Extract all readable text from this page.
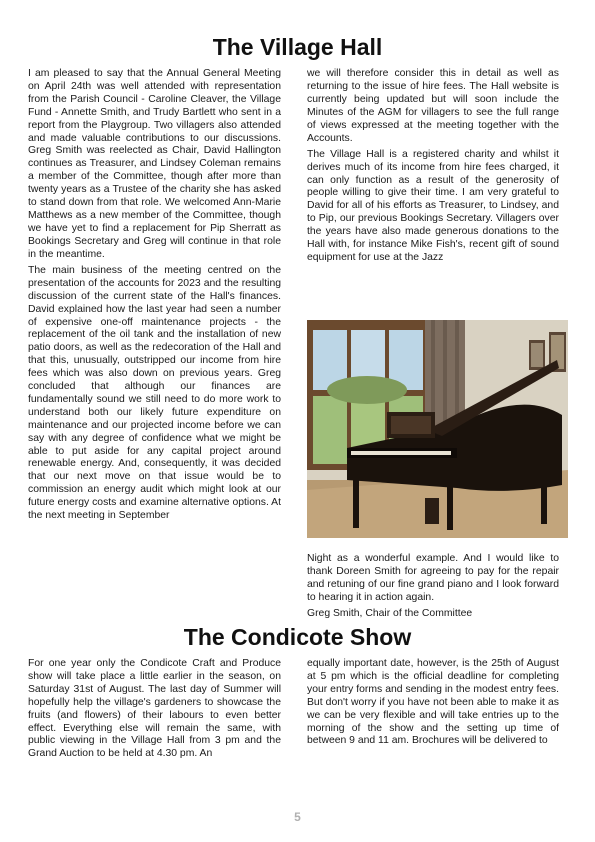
The Village Hall

I am pleased to say that the Annual General Meeting on April 24th was well attended with representation from the Parish Council - Caroline Cleaver, the Village Fund - Annette Smith, and Trudy Bartlett who sent in a report from the Playgroup. Two villagers also attended and made valuable contributions to our discussions. Greg Smith was reelected as Chair, David Hallington continues as Treasurer, and Lindsey Coleman remains a member of the Committee, though after more than twenty years as a Trustee of the charity she has asked to stand down from that role. We welcomed Ann-Marie Matthews as a new member of the Committee, though we have yet to find a replacement for Pip Sherratt as Bookings Secretary and Greg will continue in that role in the meantime.

The main business of the meeting centred on the presentation of the accounts for 2023 and the resulting discussion of the current state of the Hall's finances. David explained how the last year had seen a number of expensive one-off maintenance projects - the replacement of the oil tank and the installation of new patio doors, as well as the redecoration of the Hall and that this, unusually, outstripped our income from hire fees which was also down on previous years. Greg concluded that although our finances are fundamentally sound we still need to do more work to understand both our likely future expenditure on maintenance and our projected income before we can say with any degree of confidence what we might be able to put aside for any capital project around renewable energy. And, consequently, it was decided that our next move on that issue would be to commission an energy audit which might look at our future energy costs and examine alternative options. At the next meeting in September

we will therefore consider this in detail as well as returning to the issue of hire fees. The Hall website is currently being updated but will soon include the Minutes of the AGM for villagers to see the full range of views expressed at the meeting together with the Accounts.

The Village Hall is a registered charity and whilst it derives much of its income from hire fees charged, it can only function as a result of the generosity of people willing to give their time. I am very grateful to David for all of his efforts as Treasurer, to Lindsey, and to Pip, our previous Bookings Secretary. Villagers over the years have also made generous donations to the Hall with, for instance Mike Fish's, recent gift of sound equipment for use at the Jazz

Night as a wonderful example. And I would like to thank Doreen Smith for agreeing to pay for the repair and retuning of our fine grand piano and I look forward to hearing it in action again.

Greg Smith, Chair of the Committee

The Condicote Show

For one year only the Condicote Craft and Produce show will take place a little earlier in the season, on Saturday 31st of August. The last day of Summer will hopefully help the village's gardeners to showcase the fruits (and flowers) of their labours to even better effect. Everything else will remain the same, with public viewing in the Village Hall from 3 pm and the Grand Auction to be held at 4.30 pm. An

equally important date, however, is the 25th of August at 5 pm which is the official deadline for completing your entry forms and sending in the modest entry fees. But don't worry if you have not been able to make it as we can be very flexible and will take entries up to the morning of the show and the setting up time of between 9 and 11 am. Brochures will be delivered to

5
